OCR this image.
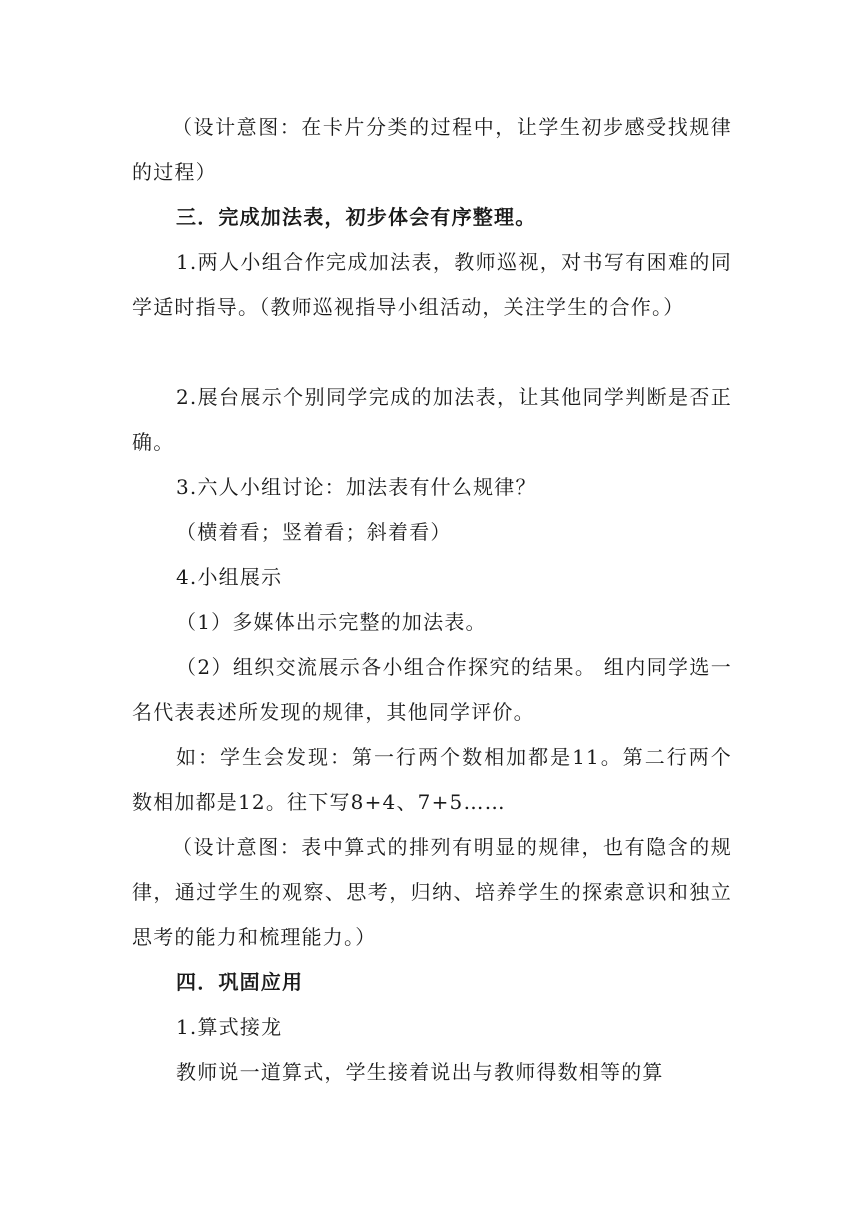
（设计意图：在卡片分类的过程中，让学生初步感受找规律的过程）

三．完成加法表，初步体会有序整理。

1.两人小组合作完成加法表，教师巡视，对书写有困难的同学适时指导。（教师巡视指导小组活动，关注学生的合作。）

2.展台展示个别同学完成的加法表，让其他同学判断是否正确。

3.六人小组讨论：加法表有什么规律？

（横着看；竖着看；斜着看）

4.小组展示

（1）多媒体出示完整的加法表。

（2）组织交流展示各小组合作探究的结果。 组内同学选一名代表表述所发现的规律，其他同学评价。

如：学生会发现：第一行两个数相加都是11。第二行两个数相加都是12。往下写8+4、7+5……

（设计意图：表中算式的排列有明显的规律，也有隐含的规律，通过学生的观察、思考，归纳、培养学生的探索意识和独立思考的能力和梳理能力。）

四．巩固应用

1.算式接龙

教师说一道算式，学生接着说出与教师得数相等的算
